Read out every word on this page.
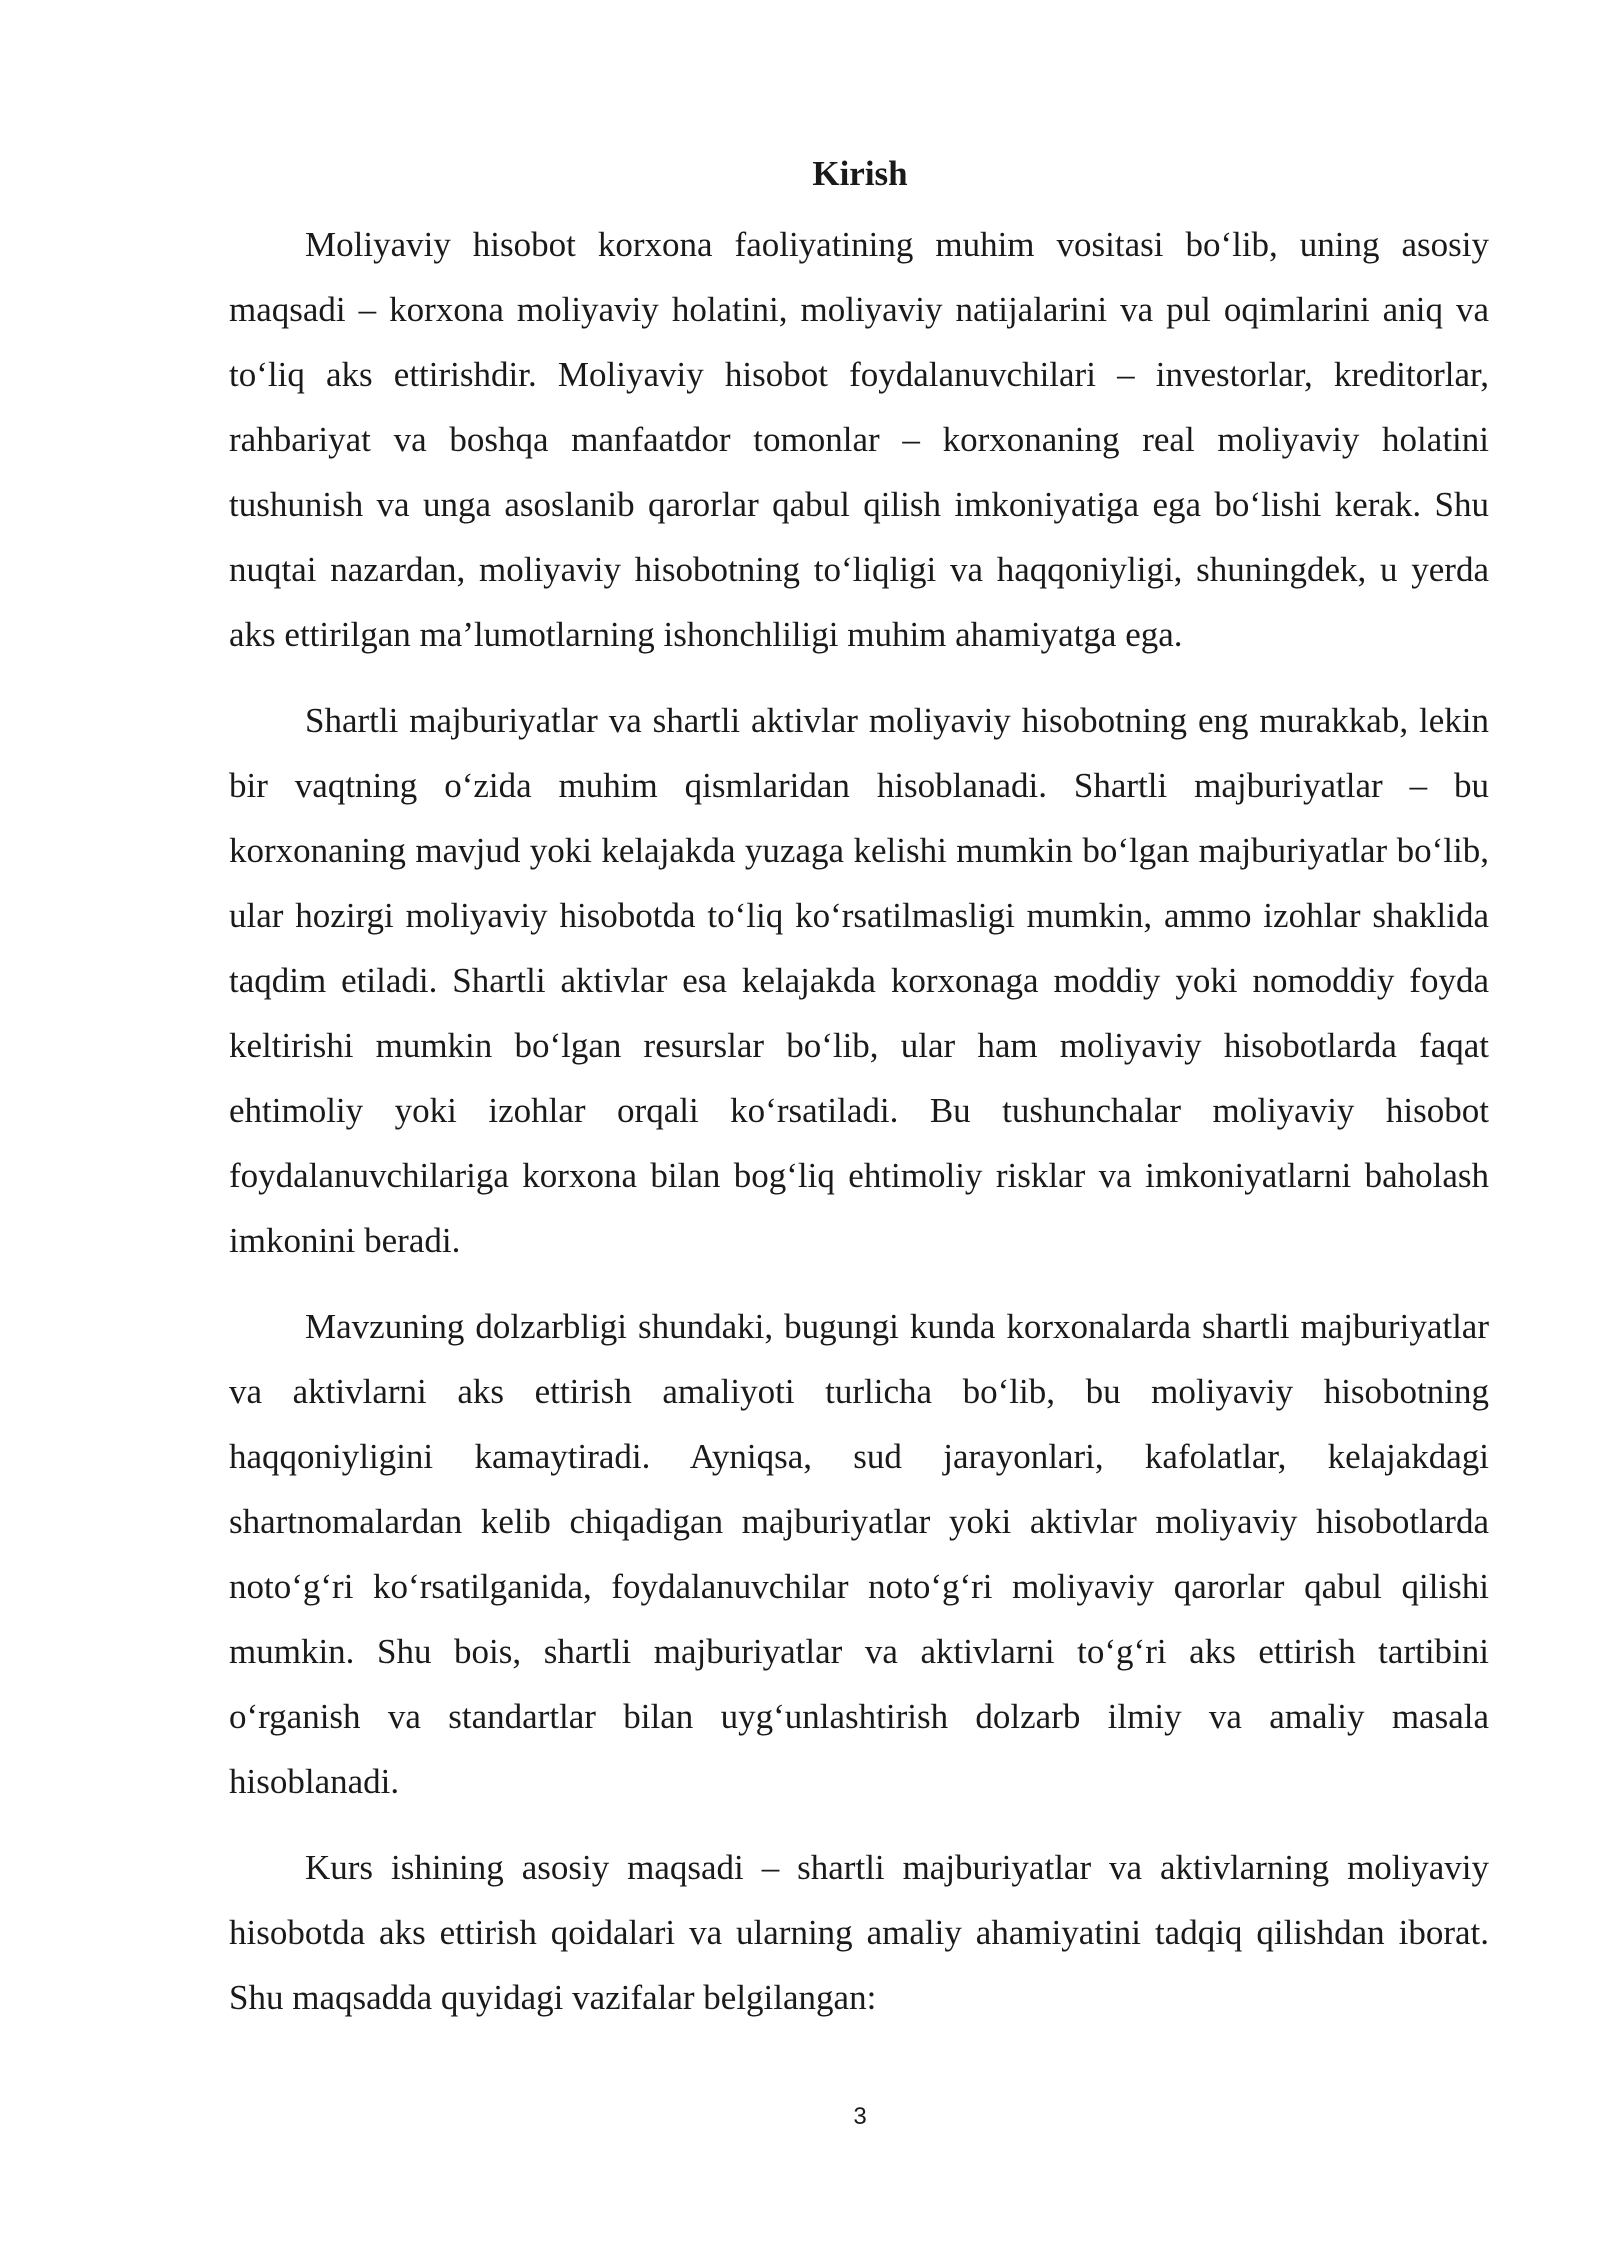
Kirish

Moliyaviy hisobot korxona faoliyatining muhim vositasi bo‘lib, uning asosiy maqsadi – korxona moliyaviy holatini, moliyaviy natijalarini va pul oqimlarini aniq va to‘liq aks ettirishdir. Moliyaviy hisobot foydalanuvchilari – investorlar, kreditorlar, rahbariyat va boshqa manfaatdor tomonlar – korxonaning real moliyaviy holatini tushunish va unga asoslanib qarorlar qabul qilish imkoniyatiga ega bo‘lishi kerak. Shu nuqtai nazardan, moliyaviy hisobotning to‘liqligi va haqqoniyligi, shuningdek, u yerda aks ettirilgan ma’lumotlarning ishonchliligi muhim ahamiyatga ega.

Shartli majburiyatlar va shartli aktivlar moliyaviy hisobotning eng murakkab, lekin bir vaqtning o‘zida muhim qismlaridan hisoblanadi. Shartli majburiyatlar – bu korxonaning mavjud yoki kelajakda yuzaga kelishi mumkin bo‘lgan majburiyatlar bo‘lib, ular hozirgi moliyaviy hisobotda to‘liq ko‘rsatilmasligi mumkin, ammo izohlar shaklida taqdim etiladi. Shartli aktivlar esa kelajakda korxonaga moddiy yoki nomoddiy foyda keltirishi mumkin bo‘lgan resurslar bo‘lib, ular ham moliyaviy hisobotlarda faqat ehtimoliy yoki izohlar orqali ko‘rsatiladi. Bu tushunchalar moliyaviy hisobot foydalanuvchilariga korxona bilan bog‘liq ehtimoliy risklar va imkoniyatlarni baholash imkonini beradi.

Mavzuning dolzarbligi shundaki, bugungi kunda korxonalarda shartli majburiyatlar va aktivlarni aks ettirish amaliyoti turlicha bo‘lib, bu moliyaviy hisobotning haqqoniyligini kamaytiradi. Ayniqsa, sud jarayonlari, kafolatlar, kelajakdagi shartnomalardan kelib chiqadigan majburiyatlar yoki aktivlar moliyaviy hisobotlarda noto‘g‘ri ko‘rsatilganida, foydalanuvchilar noto‘g‘ri moliyaviy qarorlar qabul qilishi mumkin. Shu bois, shartli majburiyatlar va aktivlarni to‘g‘ri aks ettirish tartibini o‘rganish va standartlar bilan uyg‘unlashtirish dolzarb ilmiy va amaliy masala hisoblanadi.

Kurs ishining asosiy maqsadi – shartli majburiyatlar va aktivlarning moliyaviy hisobotda aks ettirish qoidalari va ularning amaliy ahamiyatini tadqiq qilishdan iborat. Shu maqsadda quyidagi vazifalar belgilangan:

3
